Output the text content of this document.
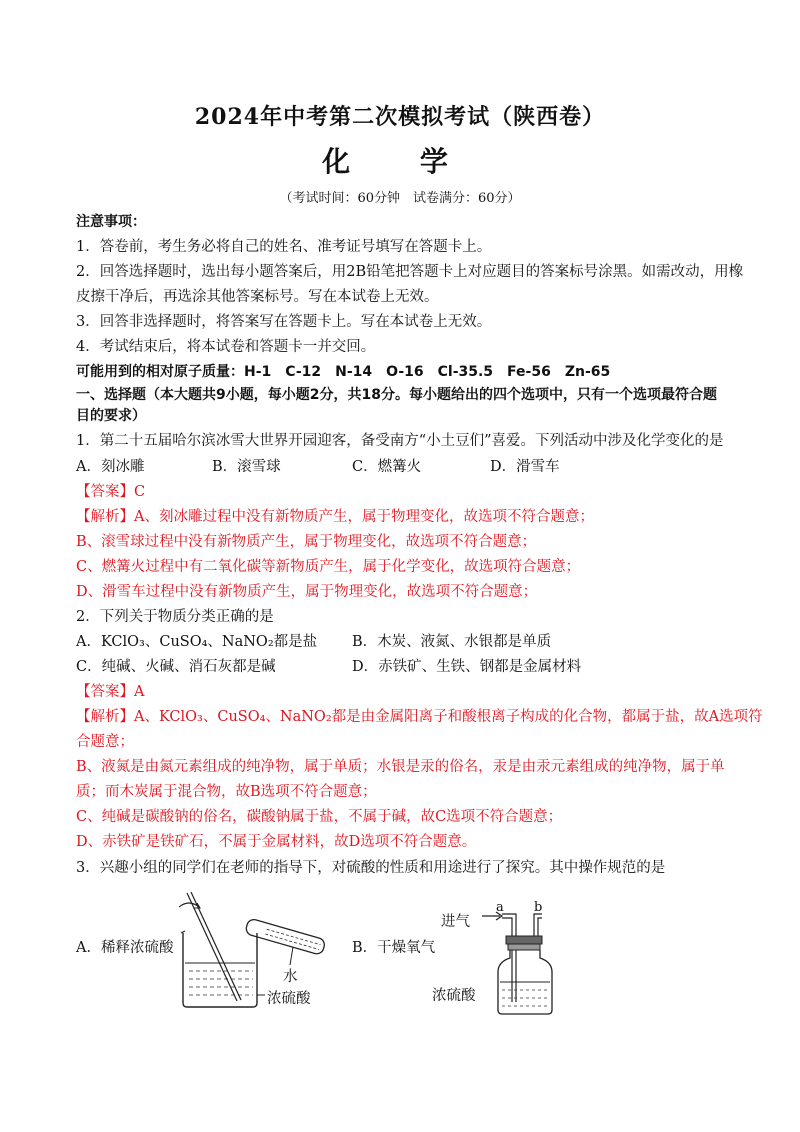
2024年中考第二次模拟考试（陕西卷）
化 学
（考试时间：60分钟　试卷满分：60分）
注意事项：
1．答卷前，考生务必将自己的姓名、准考证号填写在答题卡上。
2．回答选择题时，选出每小题答案后，用2B铅笔把答题卡上对应题目的答案标号涂黑。如需改动，用橡
皮擦干净后，再选涂其他答案标号。写在本试卷上无效。
3．回答非选择题时，将答案写在答题卡上。写在本试卷上无效。
4．考试结束后，将本试卷和答题卡一并交回。
可能用到的相对原子质量：H-1　C-12　N-14　O-16　Cl-35.5　Fe-56　Zn-65
一、选择题（本大题共9小题，每小题2分，共18分。每小题给出的四个选项中，只有一个选项最符合题
目的要求）
1．第二十五届哈尔滨冰雪大世界开园迎客，备受南方“小土豆们”喜爱。下列活动中涉及化学变化的是
A．刻冰雕	B．滚雪球	C．燃篝火	D．滑雪车
【答案】C
【解析】A、刻冰雕过程中没有新物质产生，属于物理变化，故选项不符合题意；
B、滚雪球过程中没有新物质产生，属于物理变化，故选项不符合题意；
C、燃篝火过程中有二氧化碳等新物质产生，属于化学变化，故选项符合题意；
D、滑雪车过程中没有新物质产生，属于物理变化，故选项不符合题意；
2．下列关于物质分类正确的是
A．KClO₃、CuSO₄、NaNO₂都是盐 B．木炭、液氮、水银都是单质
C．纯碱、火碱、消石灰都是碱	D．赤铁矿、生铁、钢都是金属材料
【答案】A
【解析】A、KClO₃、CuSO₄、NaNO₂都是由金属阳离子和酸根离子构成的化合物，都属于盐，故A选项符
合题意；
B、液氮是由氮元素组成的纯净物，属于单质；水银是汞的俗名，汞是由汞元素组成的纯净物，属于单
质；而木炭属于混合物，故B选项不符合题意；
C、纯碱是碳酸钠的俗名，碳酸钠属于盐，不属于碱，故C选项不符合题意；
D、赤铁矿是铁矿石，不属于金属材料，故D选项不符合题意。
3．兴趣小组的同学们在老师的指导下，对硫酸的性质和用途进行了探究。其中操作规范的是
A．稀释浓硫酸
水
浓硫酸
B．干燥氧气
进气
a b
浓硫酸
